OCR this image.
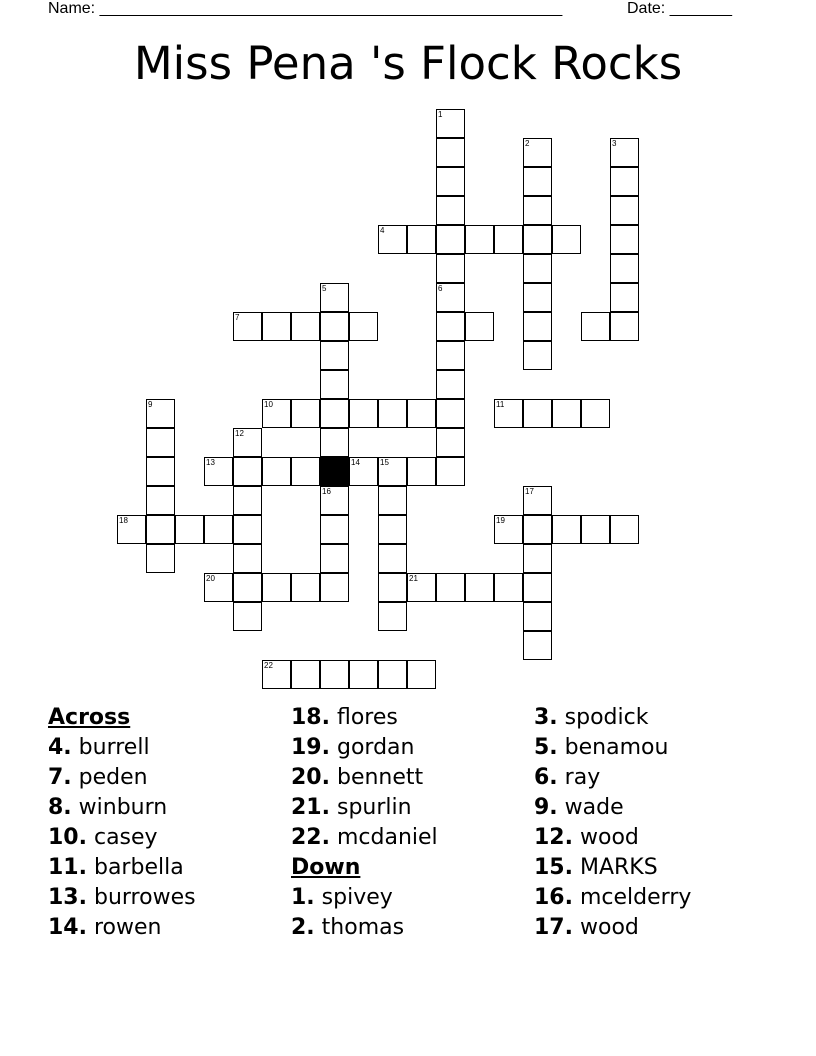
Name: ____________________________________________________	Date: _______
Miss Pena 's Flock Rocks
1
2	3
4
5	6
7
9	10	11
12
13	14	15
16	17
18	19
20	21
22
Across
4. burrell
7. peden
8. winburn
10. casey
11. barbella
13. burrowes
14. rowen
18. flores
19. gordan
20. bennett
21. spurlin
22. mcdaniel
Down
1. spivey
2. thomas
3. spodick
5. benamou
6. ray
9. wade
12. wood
15. MARKS
16. mcelderry
17. wood
